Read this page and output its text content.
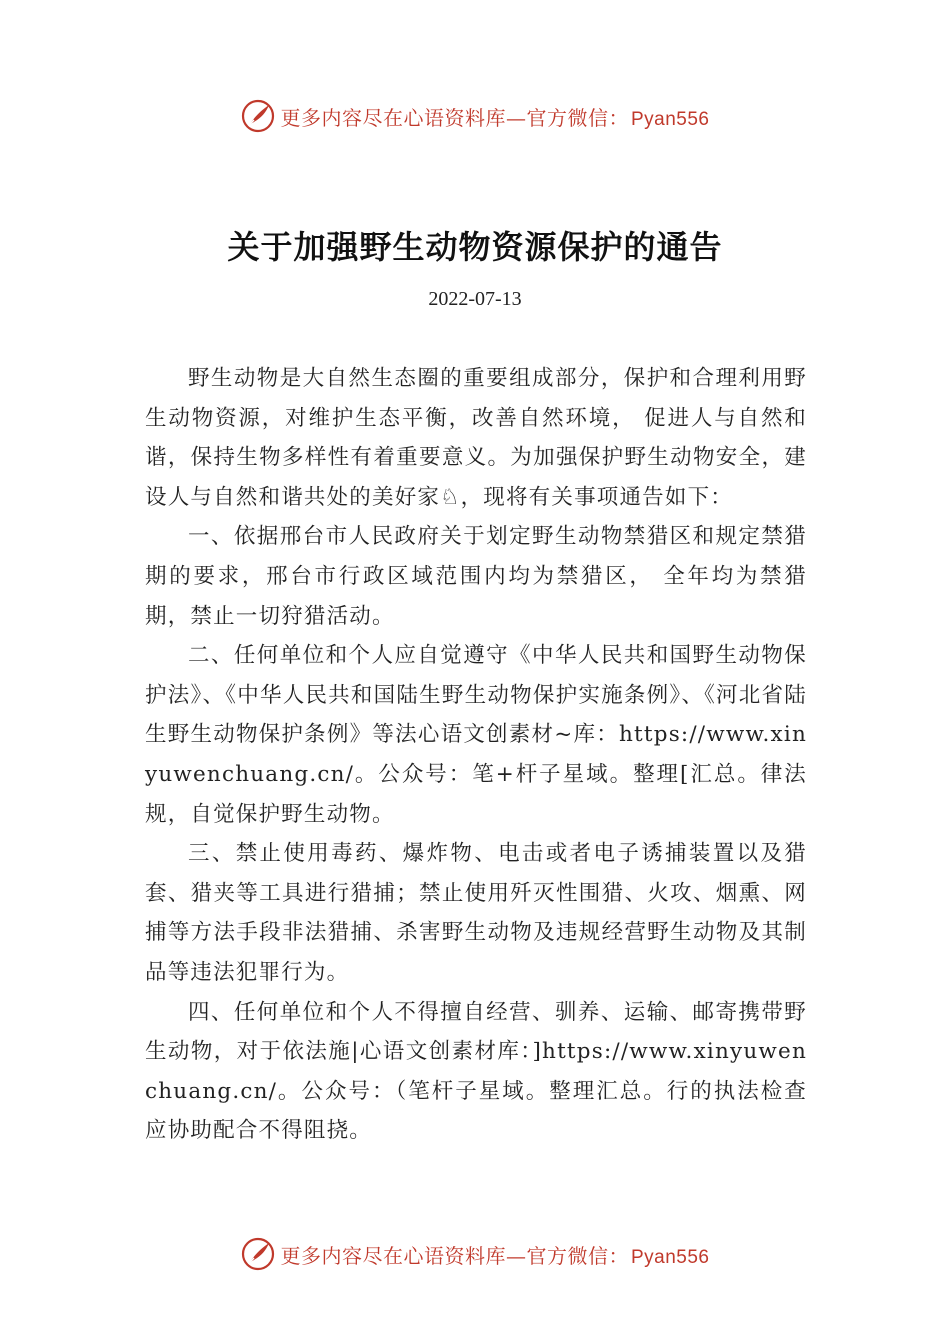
更多内容尽在心语资料库—官方微信： Pyan556
关于加强野生动物资源保护的通告
2022-07-13

野生动物是大自然生态圈的重要组成部分，保护和合理利用野生动物资源，对维护生态平衡，改善自然环境， 促进人与自然和谐，保持生物多样性有着重要意义。为加强保护野生动物安全，建设人与自然和谐共处的美好家♘，现将有关事项通告如下：

一、依据邢台市人民政府关于划定野生动物禁猎区和规定禁猎期的要求，邢台市行政区域范围内均为禁猎区， 全年均为禁猎期，禁止一切狩猎活动。

二、任何单位和个人应自觉遵守《中华人民共和国野生动物保护法》、《中华人民共和国陆生野生动物保护实施条例》、《河北省陆生野生动物保护条例》等法心语文创素材~库：https://www.xinyuwenchuang.cn/。公众号：笔+杆子星域。整理[汇总。律法规，自觉保护野生动物。

三、禁止使用毒药、爆炸物、电击或者电子诱捕装置以及猎套、猎夹等工具进行猎捕；禁止使用歼灭性围猎、火攻、烟熏、网捕等方法手段非法猎捕、杀害野生动物及违规经营野生动物及其制品等违法犯罪行为。

四、任何单位和个人不得擅自经营、驯养、运输、邮寄携带野生动物，对于依法施|心语文创素材库：]https://www.xinyuwenchuang.cn/。公众号：（笔杆子星域。整理汇总。行的执法检查应协助配合不得阻挠。

更多内容尽在心语资料库—官方微信： Pyan556
